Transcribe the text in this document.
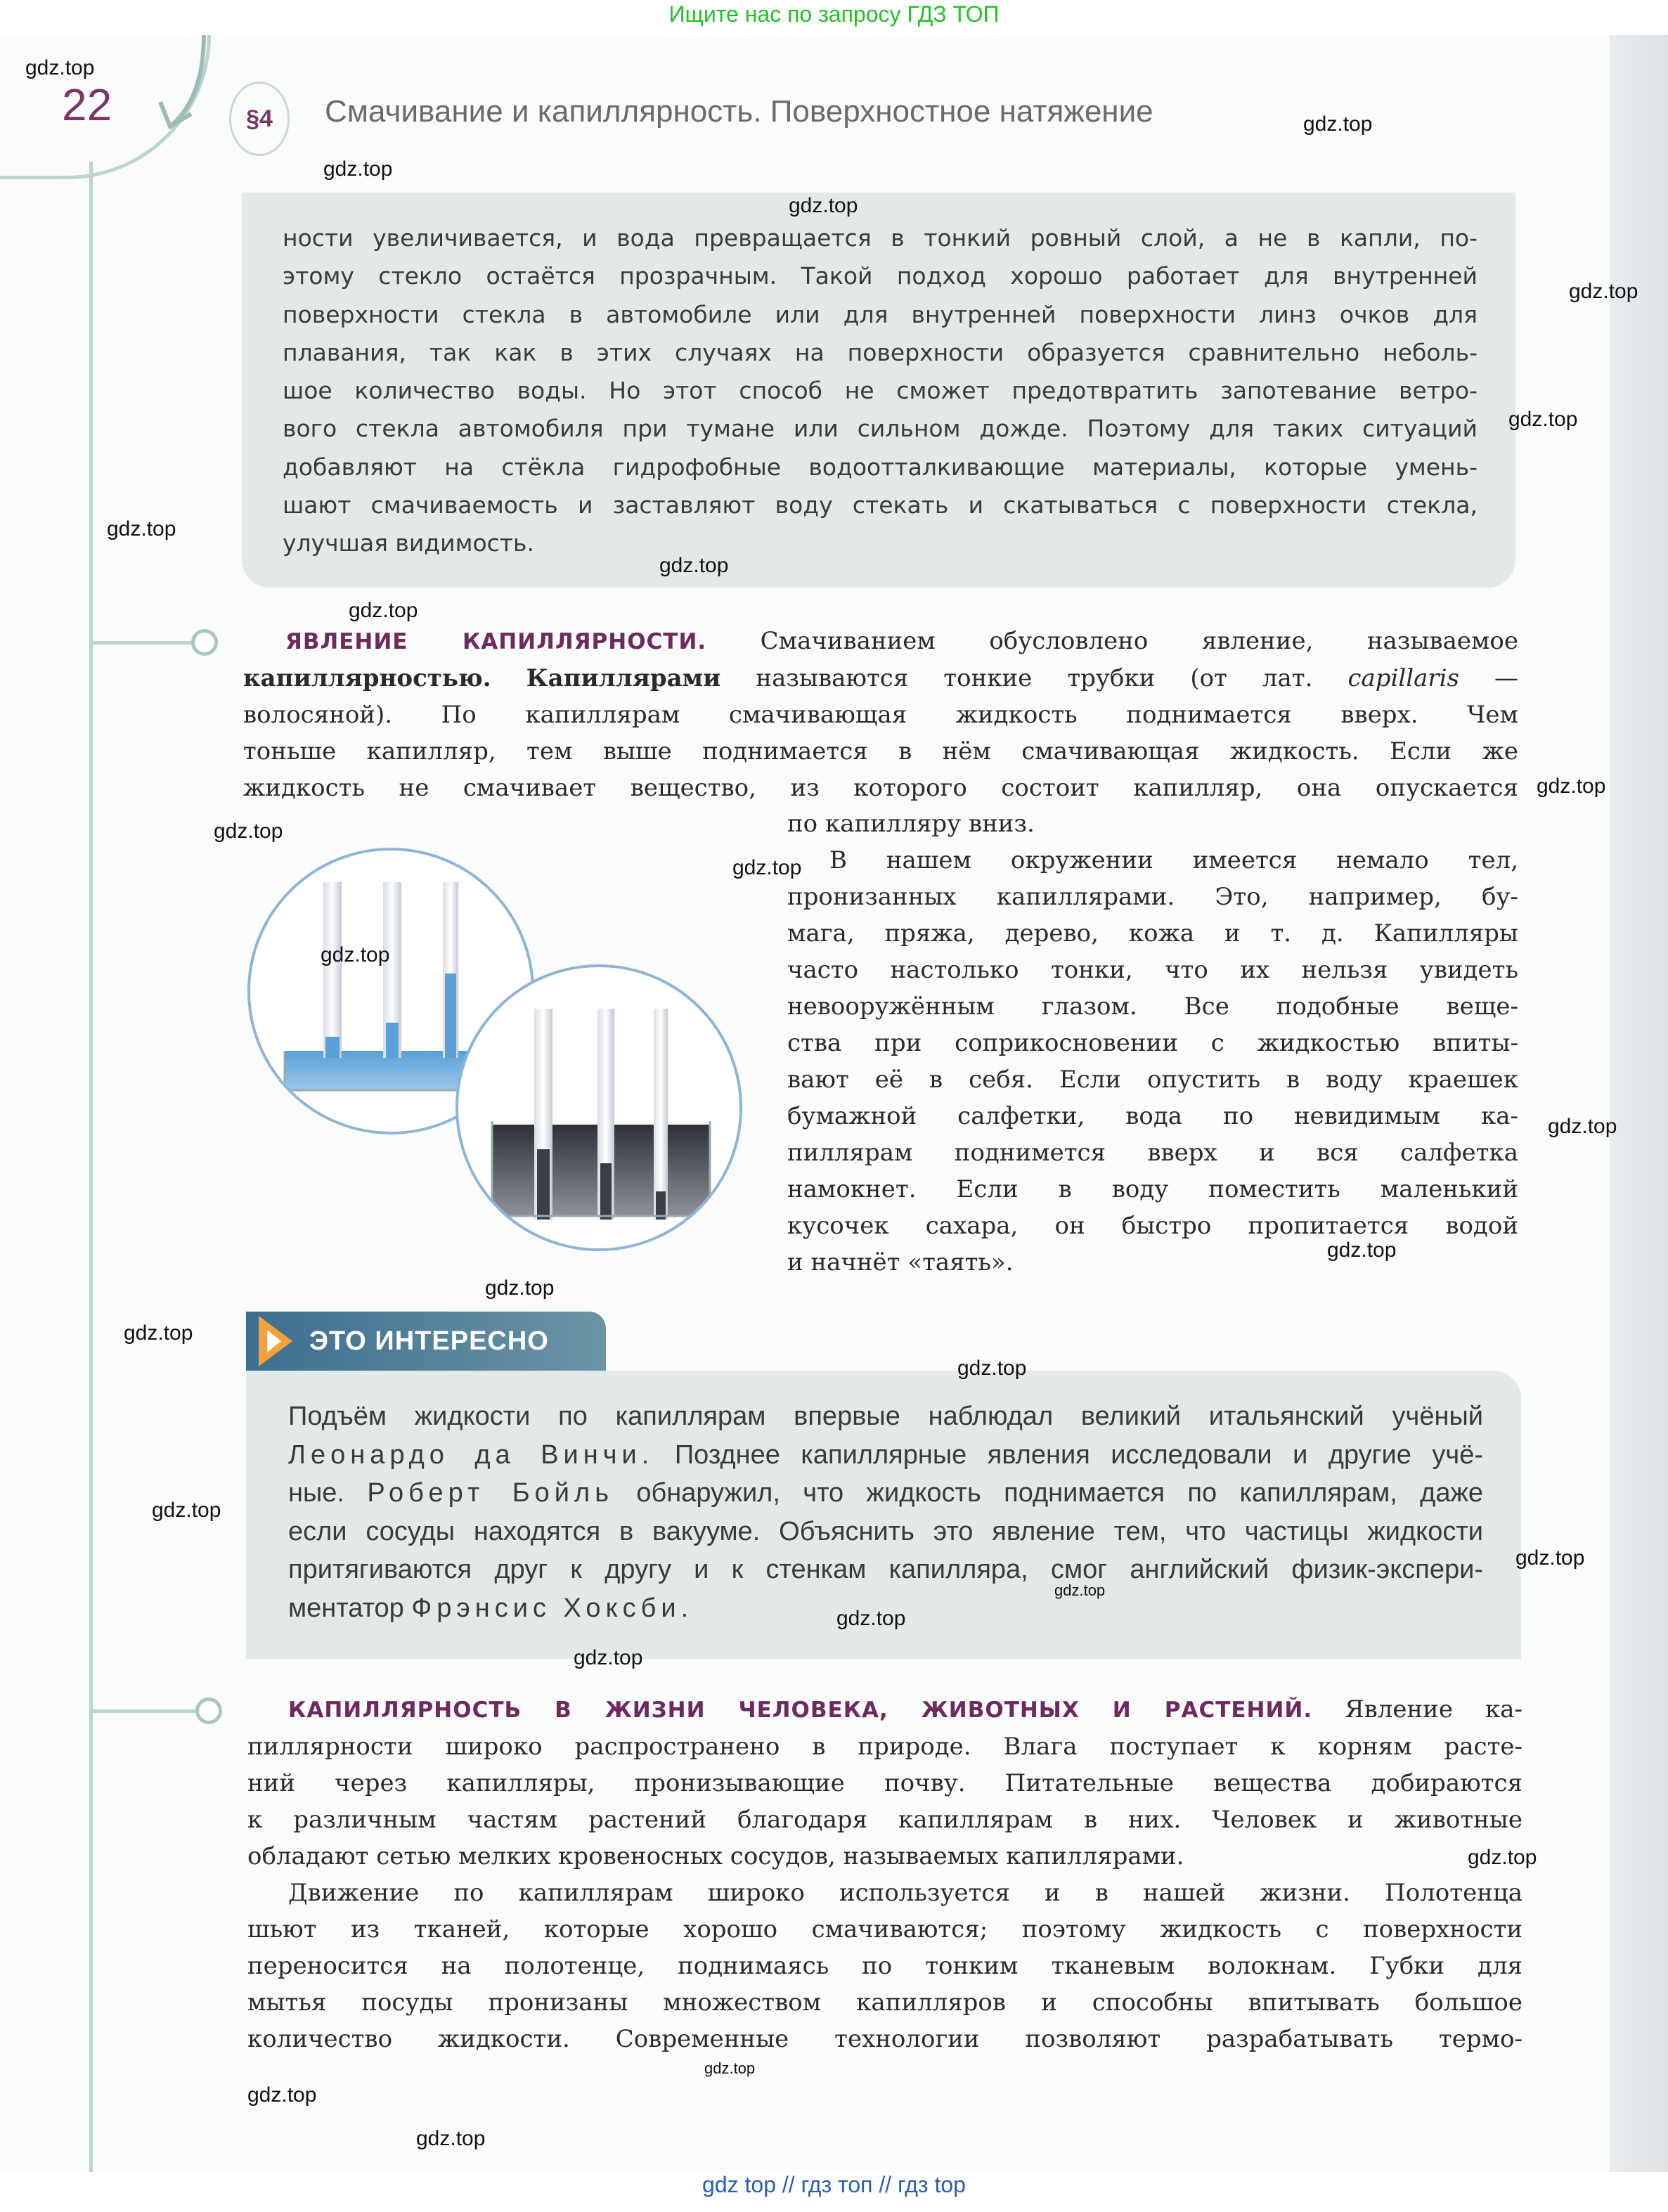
Ищите нас по запросу ГДЗ ТОП
22	§4	Смачивание и капиллярность. Поверхностное натяжение
ности увеличивается, и вода превращается в тонкий ровный слой, а не в капли, по-
этому стекло остаётся прозрачным. Такой подход хорошо работает для внутренней
поверхности стекла в автомобиле или для внутренней поверхности линз очков для
плавания, так как в этих случаях на поверхности образуется сравнительно неболь-
шое количество воды. Но этот способ не сможет предотвратить запотевание ветро-
вого стекла автомобиля при тумане или сильном дожде. Поэтому для таких ситуаций
добавляют на стёкла гидрофобные водоотталкивающие материалы, которые умень-
шают смачиваемость и заставляют воду стекать и скатываться с поверхности стекла,
улучшая видимость.
ЯВЛЕНИЕ КАПИЛЛЯРНОСТИ. Смачиванием обусловлено явление, называемое
капиллярностью. Капиллярами называются тонкие трубки (от лат. capillaris —
волосяной). По капиллярам смачивающая жидкость поднимается вверх. Чем
тоньше капилляр, тем выше поднимается в нём смачивающая жидкость. Если же
жидкость не смачивает вещество, из которого состоит капилляр, она опускается
по капилляру вниз.
В нашем окружении имеется немало тел,
пронизанных капиллярами. Это, например, бу-
мага, пряжа, дерево, кожа и т. д. Капилляры
часто настолько тонки, что их нельзя увидеть
невооружённым глазом. Все подобные веще-
ства при соприкосновении с жидкостью впиты-
вают её в себя. Если опустить в воду краешек
бумажной салфетки, вода по невидимым ка-
пиллярам поднимется вверх и вся салфетка
намокнет. Если в воду поместить маленький
кусочек сахара, он быстро пропитается водой
и начнёт «таять».
ЭТО ИНТЕРЕСНО
Подъём жидкости по капиллярам впервые наблюдал великий итальянский учёный
Леонардо да Винчи. Позднее капиллярные явления исследовали и другие учё-
ные. Роберт Бойль обнаружил, что жидкость поднимается по капиллярам, даже
если сосуды находятся в вакууме. Объяснить это явление тем, что частицы жидкости
притягиваются друг к другу и к стенкам капилляра, смог английский физик-экспери-
ментатор Фрэнсис Хоксби.
КАПИЛЛЯРНОСТЬ В ЖИЗНИ ЧЕЛОВЕКА, ЖИВОТНЫХ И РАСТЕНИЙ. Явление ка-
пиллярности широко распространено в природе. Влага поступает к корням расте-
ний через капилляры, пронизывающие почву. Питательные вещества добираются
к различным частям растений благодаря капиллярам в них. Человек и животные
обладают сетью мелких кровеносных сосудов, называемых капиллярами.
Движение по капиллярам широко используется и в нашей жизни. Полотенца
шьют из тканей, которые хорошо смачиваются; поэтому жидкость с поверхности
переносится на полотенце, поднимаясь по тонким тканевым волокнам. Губки для
мытья посуды пронизаны множеством капилляров и способны впитывать большое
количество жидкости. Современные технологии позволяют разрабатывать термо-
gdz.top
gdz.top
gdz.top
gdz.top
gdz.top
gdz.top
gdz.top
gdz.top
gdz.top
gdz.top
gdz.top
gdz.top
gdz.top
gdz.top
gdz.top
gdz.top
gdz.top
gdz.top
gdz.top
gdz.top
gdz.top
gdz.top
gdz.top
gdz.top
gdz.top
gdz.top
gdz.top
gdz top // гдз топ // гдз top
